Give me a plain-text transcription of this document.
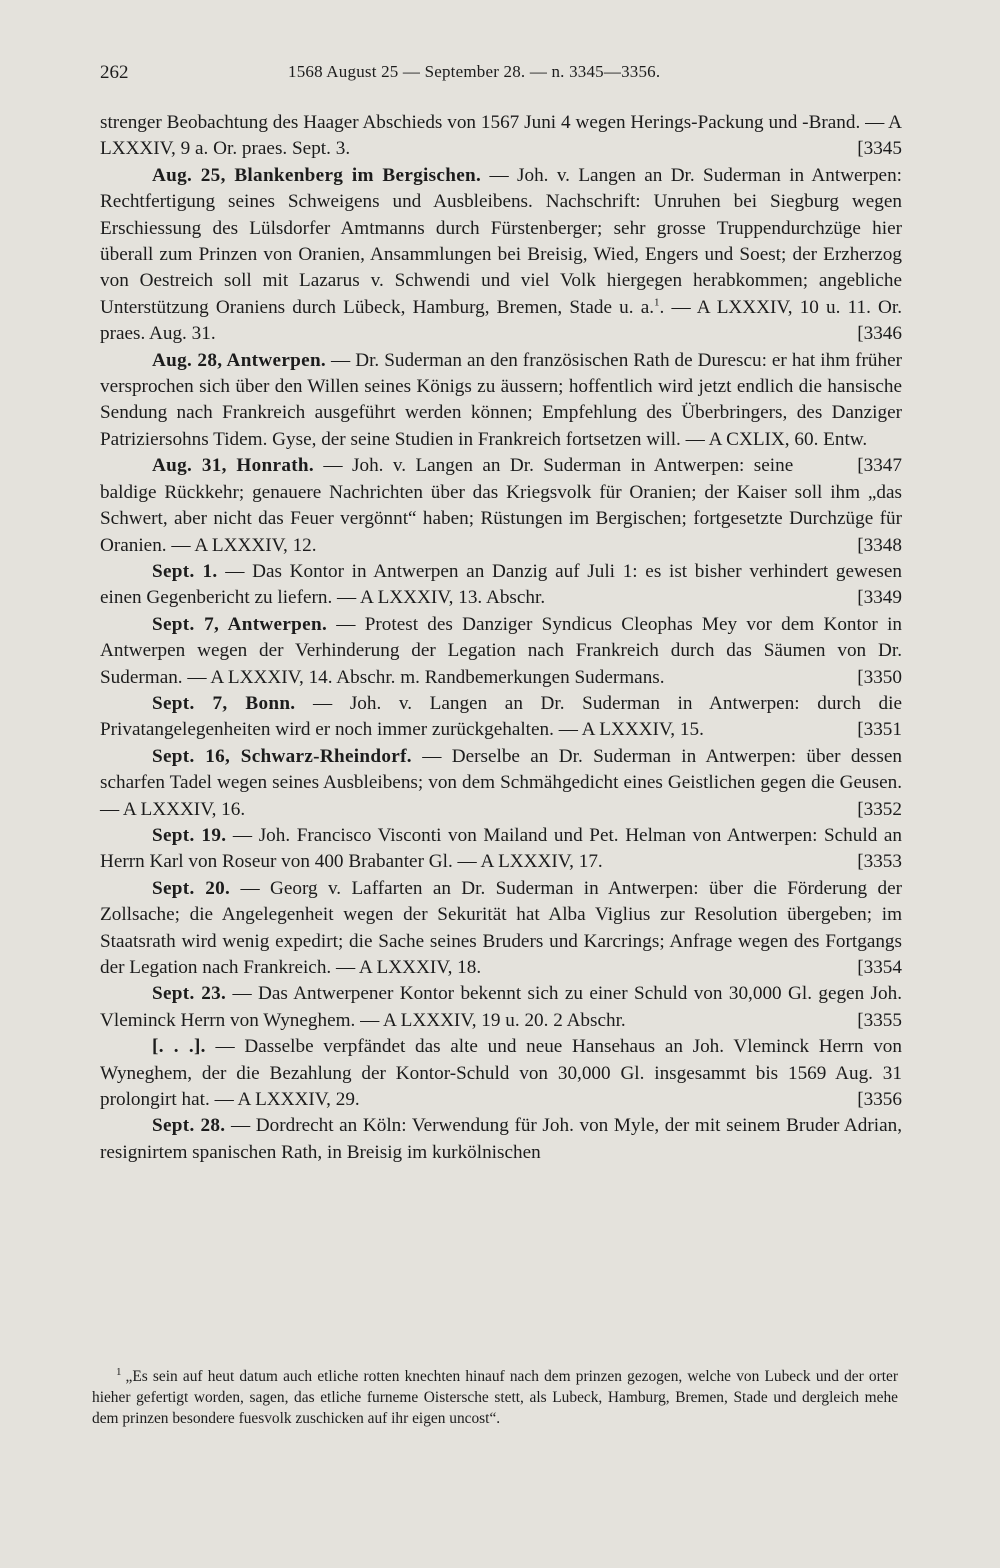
262	1568 August 25 — September 28. — n. 3345—3356.

strenger Beobachtung des Haager Abschieds von 1567 Juni 4 wegen Herings-Packung und -Brand. — A LXXXIV, 9 a. Or. praes. Sept. 3.	[3345

Aug. 25, Blankenberg im Bergischen. — Joh. v. Langen an Dr. Suderman in Antwerpen: Rechtfertigung seines Schweigens und Ausbleibens. Nachschrift: Unruhen bei Siegburg wegen Erschiessung des Lülsdorfer Amtmanns durch Fürstenberger; sehr grosse Truppendurchzüge hier überall zum Prinzen von Oranien, Ansammlungen bei Breisig, Wied, Engers und Soest; der Erzherzog von Oestreich soll mit Lazarus v. Schwendi und viel Volk hiergegen herabkommen; angebliche Unterstützung Oraniens durch Lübeck, Hamburg, Bremen, Stade u. a.$^1$. — A LXXXIV, 10 u. 11. Or. praes. Aug. 31.	[3346

Aug. 28, Antwerpen. — Dr. Suderman an den französischen Rath de Durescu: er hat ihm früher versprochen sich über den Willen seines Königs zu äussern; hoffentlich wird jetzt endlich die hansische Sendung nach Frankreich ausgeführt werden können; Empfehlung des Überbringers, des Danziger Patriziersohns Tidem. Gyse, der seine Studien in Frankreich fortsetzen will. — A CXLIX, 60. Entw.
[3347

Aug. 31, Honrath. — Joh. v. Langen an Dr. Suderman in Antwerpen: seine baldige Rückkehr; genauere Nachrichten über das Kriegsvolk für Oranien; der Kaiser soll ihm „das Schwert, aber nicht das Feuer vergönnt“ haben; Rüstungen im Bergischen; fortgesetzte Durchzüge für Oranien. — A LXXXIV, 12.	[3348

Sept. 1. — Das Kontor in Antwerpen an Danzig auf Juli 1: es ist bisher verhindert gewesen einen Gegenbericht zu liefern. — A LXXXIV, 13. Abschr.	[3349

Sept. 7, Antwerpen. — Protest des Danziger Syndicus Cleophas Mey vor dem Kontor in Antwerpen wegen der Verhinderung der Legation nach Frankreich durch das Säumen von Dr. Suderman. — A LXXXIV, 14. Abschr. m. Randbemerkungen Sudermans.	[3350

Sept. 7, Bonn. — Joh. v. Langen an Dr. Suderman in Antwerpen: durch die Privatangelegenheiten wird er noch immer zurückgehalten. — A LXXXIV, 15.	[3351

Sept. 16, Schwarz-Rheindorf. — Derselbe an Dr. Suderman in Antwerpen: über dessen scharfen Tadel wegen seines Ausbleibens; von dem Schmähgedicht eines Geistlichen gegen die Geusen. — A LXXXIV, 16.	[3352

Sept. 19. — Joh. Francisco Visconti von Mailand und Pet. Helman von Antwerpen: Schuld an Herrn Karl von Roseur von 400 Brabanter Gl. — A LXXXIV, 17.	[3353

Sept. 20. — Georg v. Laffarten an Dr. Suderman in Antwerpen: über die Förderung der Zollsache; die Angelegenheit wegen der Sekurität hat Alba Viglius zur Resolution übergeben; im Staatsrath wird wenig expedirt; die Sache seines Bruders und Karcrings; Anfrage wegen des Fortgangs der Legation nach Frankreich. — A LXXXIV, 18.	[3354

Sept. 23. — Das Antwerpener Kontor bekennt sich zu einer Schuld von 30,000 Gl. gegen Joh. Vleminck Herrn von Wyneghem. — A LXXXIV, 19 u. 20. 2 Abschr.	[3355

[. . .]. — Dasselbe verpfändet das alte und neue Hansehaus an Joh. Vleminck Herrn von Wyneghem, der die Bezahlung der Kontor-Schuld von 30,000 Gl. insgesammt bis 1569 Aug. 31 prolongirt hat. — A LXXXIV, 29.	[3356

Sept. 28. — Dordrecht an Köln: Verwendung für Joh. von Myle, der mit seinem Bruder Adrian, resignirtem spanischen Rath, in Breisig im kurkölnischen

$^1$ „Es sein auf heut datum auch etliche rotten knechten hinauf nach dem prinzen gezogen, welche von Lubeck und der orter hieher gefertigt worden, sagen, das etliche furneme Oistersche stett, als Lubeck, Hamburg, Bremen, Stade und dergleich mehe dem prinzen besondere fuesvolk zuschicken auf ihr eigen uncost“.
